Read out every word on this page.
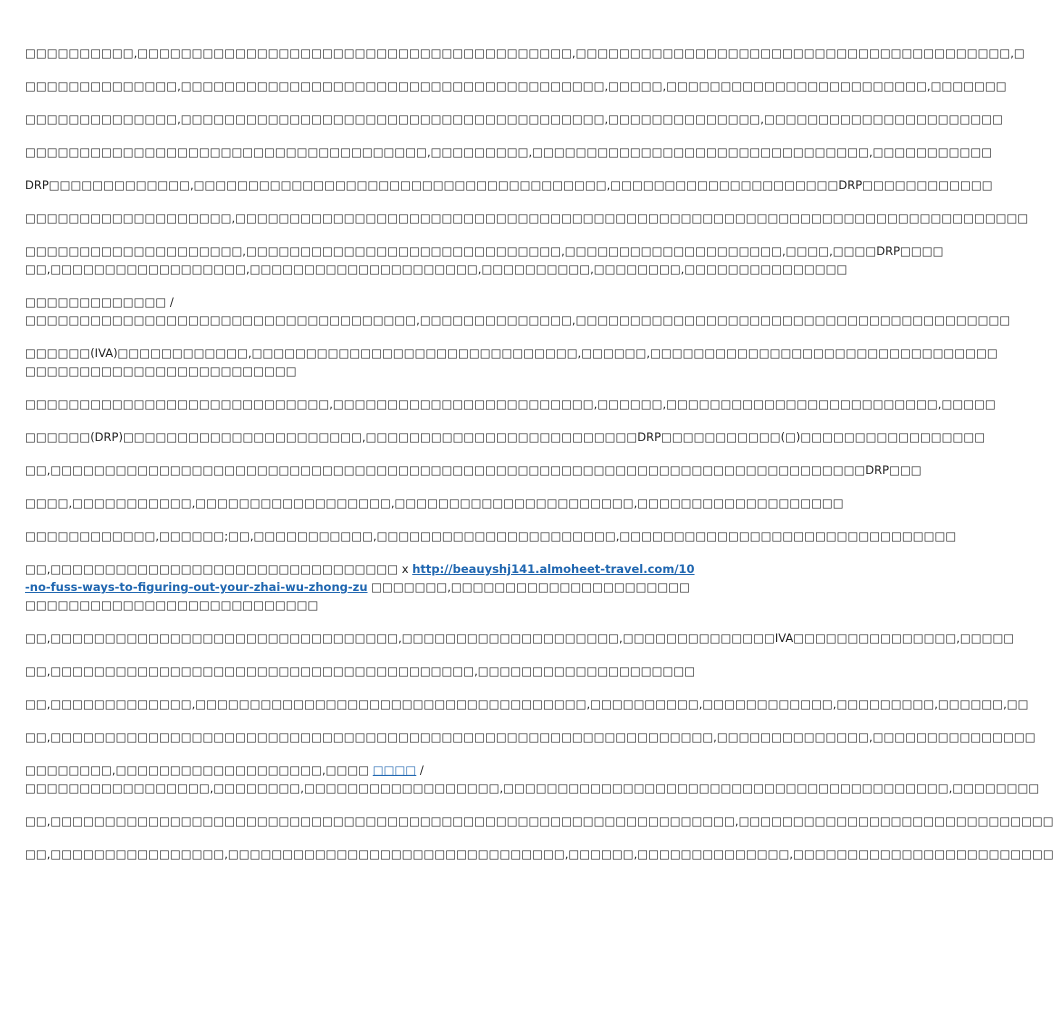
□□□□□□□□□□,□□□□□□□□□□□□□□□□□□□□□□□□□□□□□□□□□□□□□□□□,□□□□□□□□□□□□□□□□□□□□□□□□□□□□□□□□□□□□□□□□,□
□□□□□□□□□□□□□□,□□□□□□□□□□□□□□□□□□□□□□□□□□□□□□□□□□□□□□□,□□□□□,□□□□□□□□□□□□□□□□□□□□□□□□,□□□□□□□
□□□□□□□□□□□□□□,□□□□□□□□□□□□□□□□□□□□□□□□□□□□□□□□□□□□□□□,□□□□□□□□□□□□□□,□□□□□□□□□□□□□□□□□□□□□□
□□□□□□□□□□□□□□□□□□□□□□□□□□□□□□□□□□□□□,□□□□□□□□□,□□□□□□□□□□□□□□□□□□□□□□□□□□□□□□□,□□□□□□□□□□□
DRP□□□□□□□□□□□□□,□□□□□□□□□□□□□□□□□□□□□□□□□□□□□□□□□□□□□□,□□□□□□□□□□□□□□□□□□□□□DRP□□□□□□□□□□□□
□□□□□□□□□□□□□□□□□□□,□□□□□□□□□□□□□□□□□□□□□□□□□□□□□□□□□□□□□□□□□□□□□□□□□□□□□□□□□□□□□□□□□□□□□□□□□
□□□□□□□□□□□□□□□□□□□□,□□□□□□□□□□□□□□□□□□□□□□□□□□□□□,□□□□□□□□□□□□□□□□□□□□,□□□□,□□□□DRP□□□□
□□,□□□□□□□□□□□□□□□□□□,□□□□□□□□□□□□□□□□□□□□□,□□□□□□□□□□,□□□□□□□□,□□□□□□□□□□□□□□□
□□□□□□□□□□□□□ /
□□□□□□□□□□□□□□□□□□□□□□□□□□□□□□□□□□□□,□□□□□□□□□□□□□□,□□□□□□□□□□□□□□□□□□□□□□□□□□□□□□□□□□□□□□□□
□□□□□□(IVA)□□□□□□□□□□□□,□□□□□□□□□□□□□□□□□□□□□□□□□□□□□□,□□□□□□,□□□□□□□□□□□□□□□□□□□□□□□□□□□□□□□□
□□□□□□□□□□□□□□□□□□□□□□□□□
□□□□□□□□□□□□□□□□□□□□□□□□□□□□,□□□□□□□□□□□□□□□□□□□□□□□□,□□□□□□,□□□□□□□□□□□□□□□□□□□□□□□□□,□□□□□
□□□□□□(DRP)□□□□□□□□□□□□□□□□□□□□□□,□□□□□□□□□□□□□□□□□□□□□□□□□DRP□□□□□□□□□□□(□)□□□□□□□□□□□□□□□□□
□□,□□□□□□□□□□□□□□□□□□□□□□□□□□□□□□□□□□□□□□□□□□□□□□□□□□□□□□□□□□□□□□□□□□□□□□□□□□□DRP□□□
□□□□,□□□□□□□□□□□,□□□□□□□□□□□□□□□□□□,□□□□□□□□□□□□□□□□□□□□□□,□□□□□□□□□□□□□□□□□□□
□□□□□□□□□□□□,□□□□□□;□□,□□□□□□□□□□□,□□□□□□□□□□□□□□□□□□□□□□,□□□□□□□□□□□□□□□□□□□□□□□□□□□□□□□
□□,□□□□□□□□□□□□□□□□□□□□□□□□□□□□□□□□ x http://beauyshj141.almoheet-travel.com/10-no-fuss-ways-to-figuring-out-your-zhai-wu-zhong-zu □□□□□□□,□□□□□□□□□□□□□□□□□□□□□□□□□□□□□□□□□□□□□□□□□□□□□□□□□
□□,□□□□□□□□□□□□□□□□□□□□□□□□□□□□□□□□,□□□□□□□□□□□□□□□□□□□□,□□□□□□□□□□□□□□IVA□□□□□□□□□□□□□□□,□□□□□
□□,□□□□□□□□□□□□□□□□□□□□□□□□□□□□□□□□□□□□□□□,□□□□□□□□□□□□□□□□□□□□
□□,□□□□□□□□□□□□□,□□□□□□□□□□□□□□□□□□□□□□□□□□□□□□□□□□□□,□□□□□□□□□□,□□□□□□□□□□□□,□□□□□□□□□,□□□□□□,□□
□□,□□□□□□□□□□□□□□□□□□□□□□□□□□□□□□□□□□□□□□□□□□□□□□□□□□□□□□□□□□□□□,□□□□□□□□□□□□□□,□□□□□□□□□□□□□□□
□□□□□□□□,□□□□□□□□□□□□□□□□□□□,□□□□ □□□□ /
□□□□□□□□□□□□□□□□□,□□□□□□□□,□□□□□□□□□□□□□□□□□□,□□□□□□□□□□□□□□□□□□□□□□□□□□□□□□□□□□□□□□□□□,□□□□□□□□
□□,□□□□□□□□□□□□□□□□□□□□□□□□□□□□□□□□□□□□□□□□□□□□□□□□□□□□□□□□□□□□□□□,□□□□□□□□□□□□□□□□□□□□□□□□□□□□□
□□,□□□□□□□□□□□□□□□□,□□□□□□□□□□□□□□□□□□□□□□□□□□□□□□□,□□□□□□,□□□□□□□□□□□□□□,□□□□□□□□□□□□□□□□□□□□□□□□
